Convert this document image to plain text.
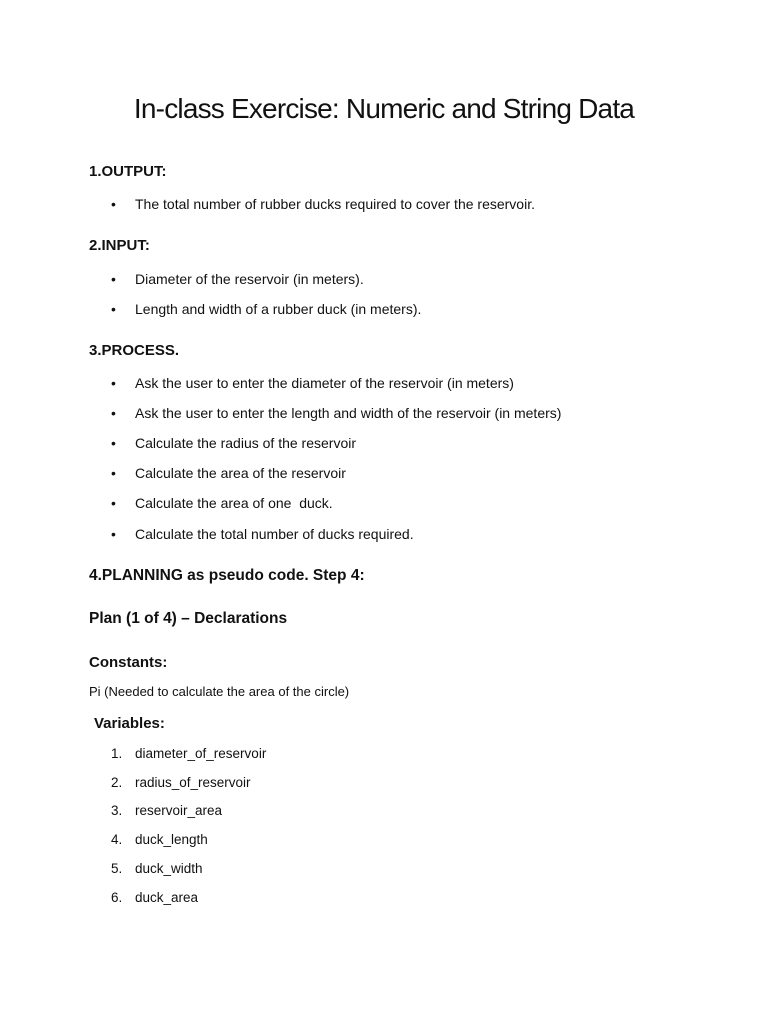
In-class Exercise: Numeric and String Data

1.OUTPUT:

• The total number of rubber ducks required to cover the reservoir.

2.INPUT:

• Diameter of the reservoir (in meters).

• Length and width of a rubber duck (in meters).

3.PROCESS.

• Ask the user to enter the diameter of the reservoir (in meters)

• Ask the user to enter the length and width of the reservoir (in meters)

• Calculate the radius of the reservoir

• Calculate the area of the reservoir

• Calculate the area of one  duck.

• Calculate the total number of ducks required.

4.PLANNING as pseudo code. Step 4:

Plan (1 of 4) – Declarations

Constants:

Pi (Needed to calculate the area of the circle)

Variables:

1. diameter_of_reservoir

2. radius_of_reservoir

3. reservoir_area

4. duck_length

5. duck_width

6. duck_area
